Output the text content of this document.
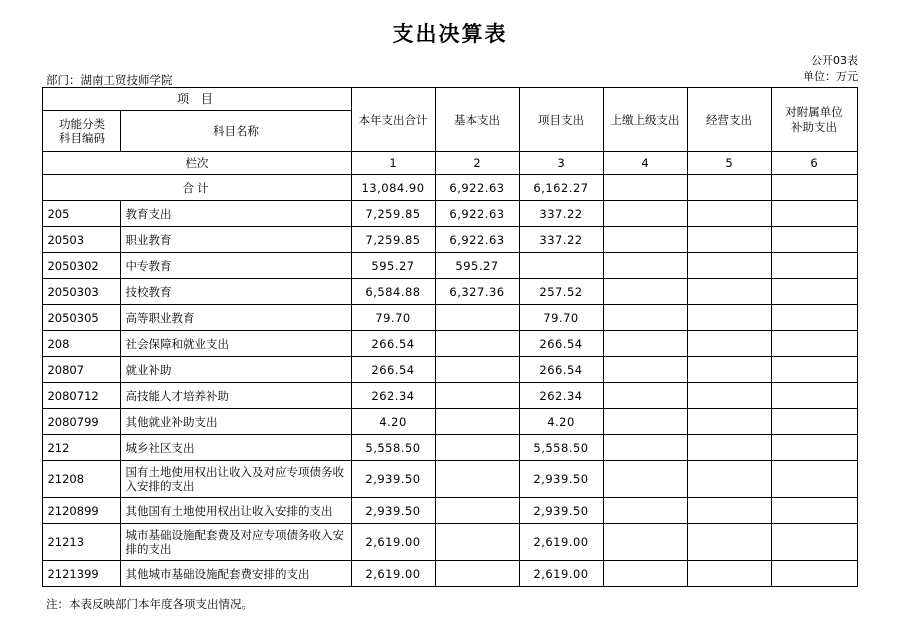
支出决算表
公开03表
单位：万元
部门：湖南工贸技师学院
项 目		本年支出合计	基本支出	项目支出	上缴上级支出	经营支出	对附属单位
补助支出

功能分类
科目编码	科目名称						
栏次		1	2	3	4	5	6
合计		13,084.90	6,922.63	6,162.27			
205	教育支出	7,259.85	6,922.63	337.22			
20503	职业教育	7,259.85	6,922.63	337.22			
2050302	中专教育	595.27	595.27				
2050303	技校教育	6,584.88	6,327.36	257.52			
2050305	高等职业教育	79.70		79.70			
208	社会保障和就业支出	266.54		266.54			
20807	就业补助	266.54		266.54			
2080712	高技能人才培养补助	262.34		262.34			
2080799	其他就业补助支出	4.20		4.20			
212	城乡社区支出	5,558.50		5,558.50			
21208	国有土地使用权出让收入及对应专项债务收入安排的支出	2,939.50		2,939.50			
2120899	其他国有土地使用权出让收入安排的支出	2,939.50		2,939.50			
21213	城市基础设施配套费及对应专项债务收入安排的支出	2,619.00		2,619.00			
2121399	其他城市基础设施配套费安排的支出	2,619.00		2,619.00			
注：本表反映部门本年度各项支出情况。
